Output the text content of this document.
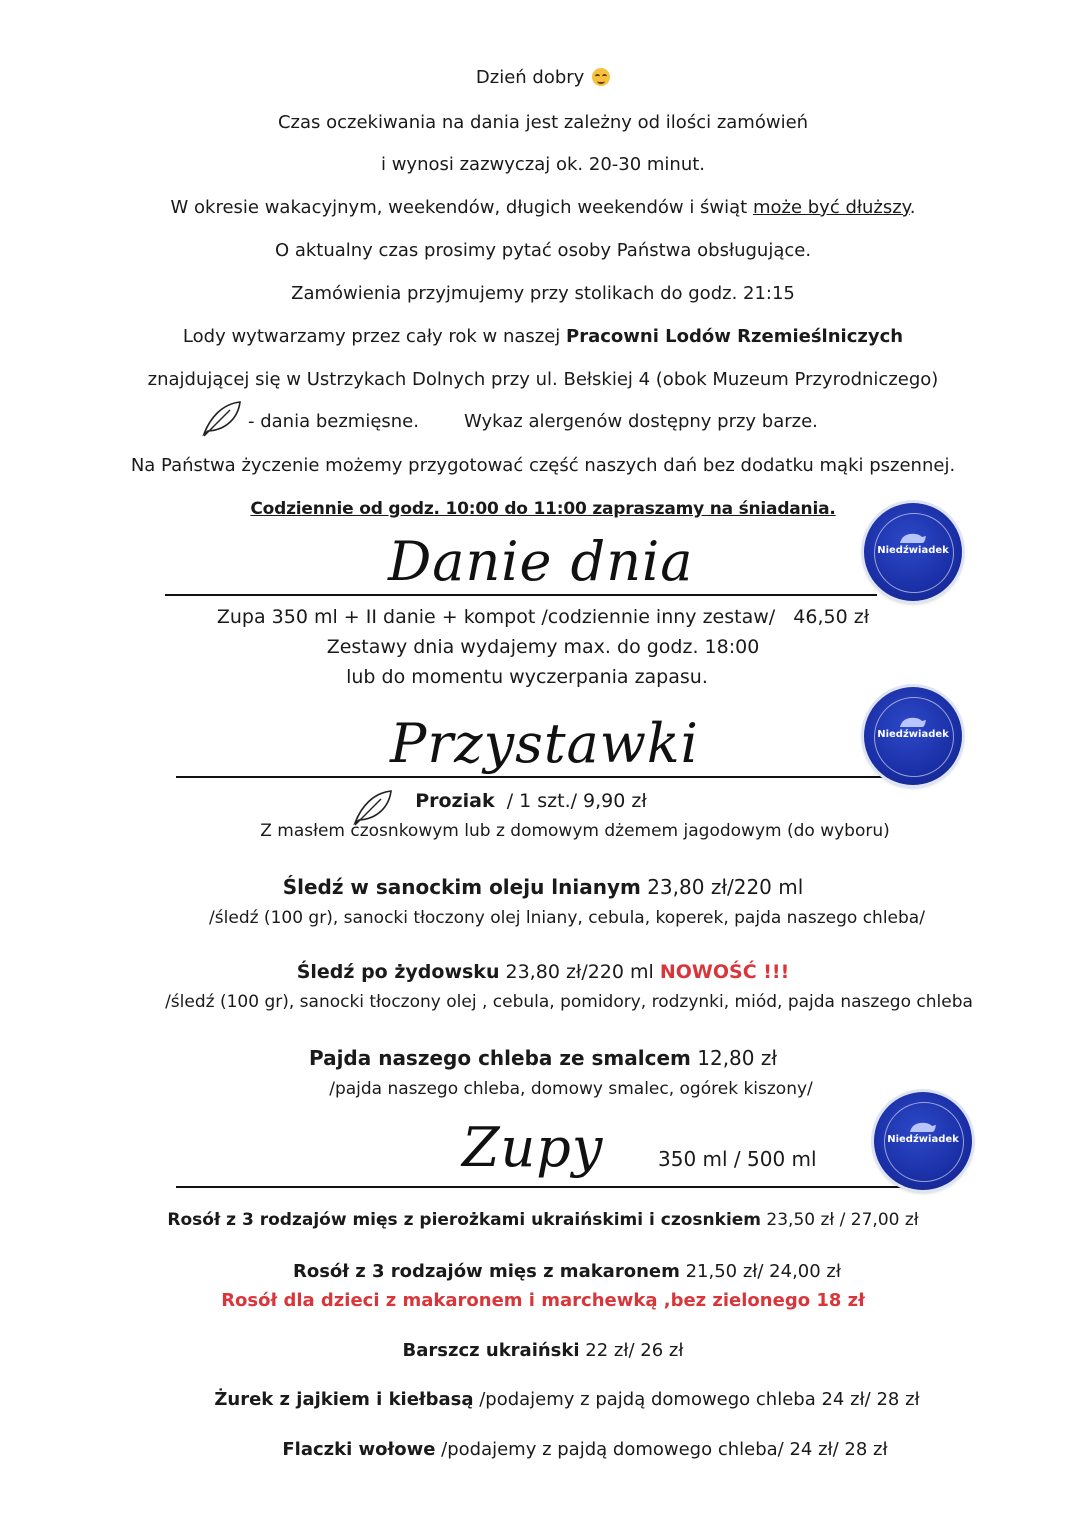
Dzień dobry
Czas oczekiwania na dania jest zależny od ilości zamówień
i wynosi zazwyczaj ok. 20-30 minut.
W okresie wakacyjnym, weekendów, długich weekendów i świąt może być dłuższy.
O aktualny czas prosimy pytać osoby Państwa obsługujące.
Zamówienia przyjmujemy przy stolikach do godz. 21:15
Lody wytwarzamy przez cały rok w naszej Pracowni Lodów Rzemieślniczych
znajdującej się w Ustrzykach Dolnych przy ul. Bełskiej 4 (obok Muzeum Przyrodniczego)
- dania bezmięsne.	Wykaz alergenów dostępny przy barze.
Na Państwa życzenie możemy przygotować część naszych dań bez dodatku mąki pszennej.
Codziennie od godz. 10:00 do 11:00 zapraszamy na śniadania.
Danie dnia	Niedźwiadek
Zupa 350 ml + II danie + kompot /codziennie inny zestaw/ 46,50 zł
Zestawy dnia wydajemy max. do godz. 18:00
lub do momentu wyczerpania zapasu.
Przystawki	Niedźwiadek
Proziak / 1 szt./ 9,90 zł
Z masłem czosnkowym lub z domowym dżemem jagodowym (do wyboru)
Śledź w sanockim oleju lnianym 23,80 zł/220 ml
/śledź (100 gr), sanocki tłoczony olej lniany, cebula, koperek, pajda naszego chleba/
Śledź po żydowsku 23,80 zł/220 ml NOWOŚĆ !!!
/śledź (100 gr), sanocki tłoczony olej , cebula, pomidory, rodzynki, miód, pajda naszego chleba
Pajda naszego chleba ze smalcem 12,80 zł
/pajda naszego chleba, domowy smalec, ogórek kiszony/
Zupy	350 ml / 500 ml
Niedźwiadek
Rosół z 3 rodzajów mięs z pierożkami ukraińskimi i czosnkiem 23,50 zł / 27,00 zł
Rosół z 3 rodzajów mięs z makaronem 21,50 zł/ 24,00 zł
Rosół dla dzieci z makaronem i marchewką ,bez zielonego 18 zł
Barszcz ukraiński 22 zł/ 26 zł
Żurek z jajkiem i kiełbasą /podajemy z pajdą domowego chleba 24 zł/ 28 zł
Flaczki wołowe /podajemy z pajdą domowego chleba/ 24 zł/ 28 zł
